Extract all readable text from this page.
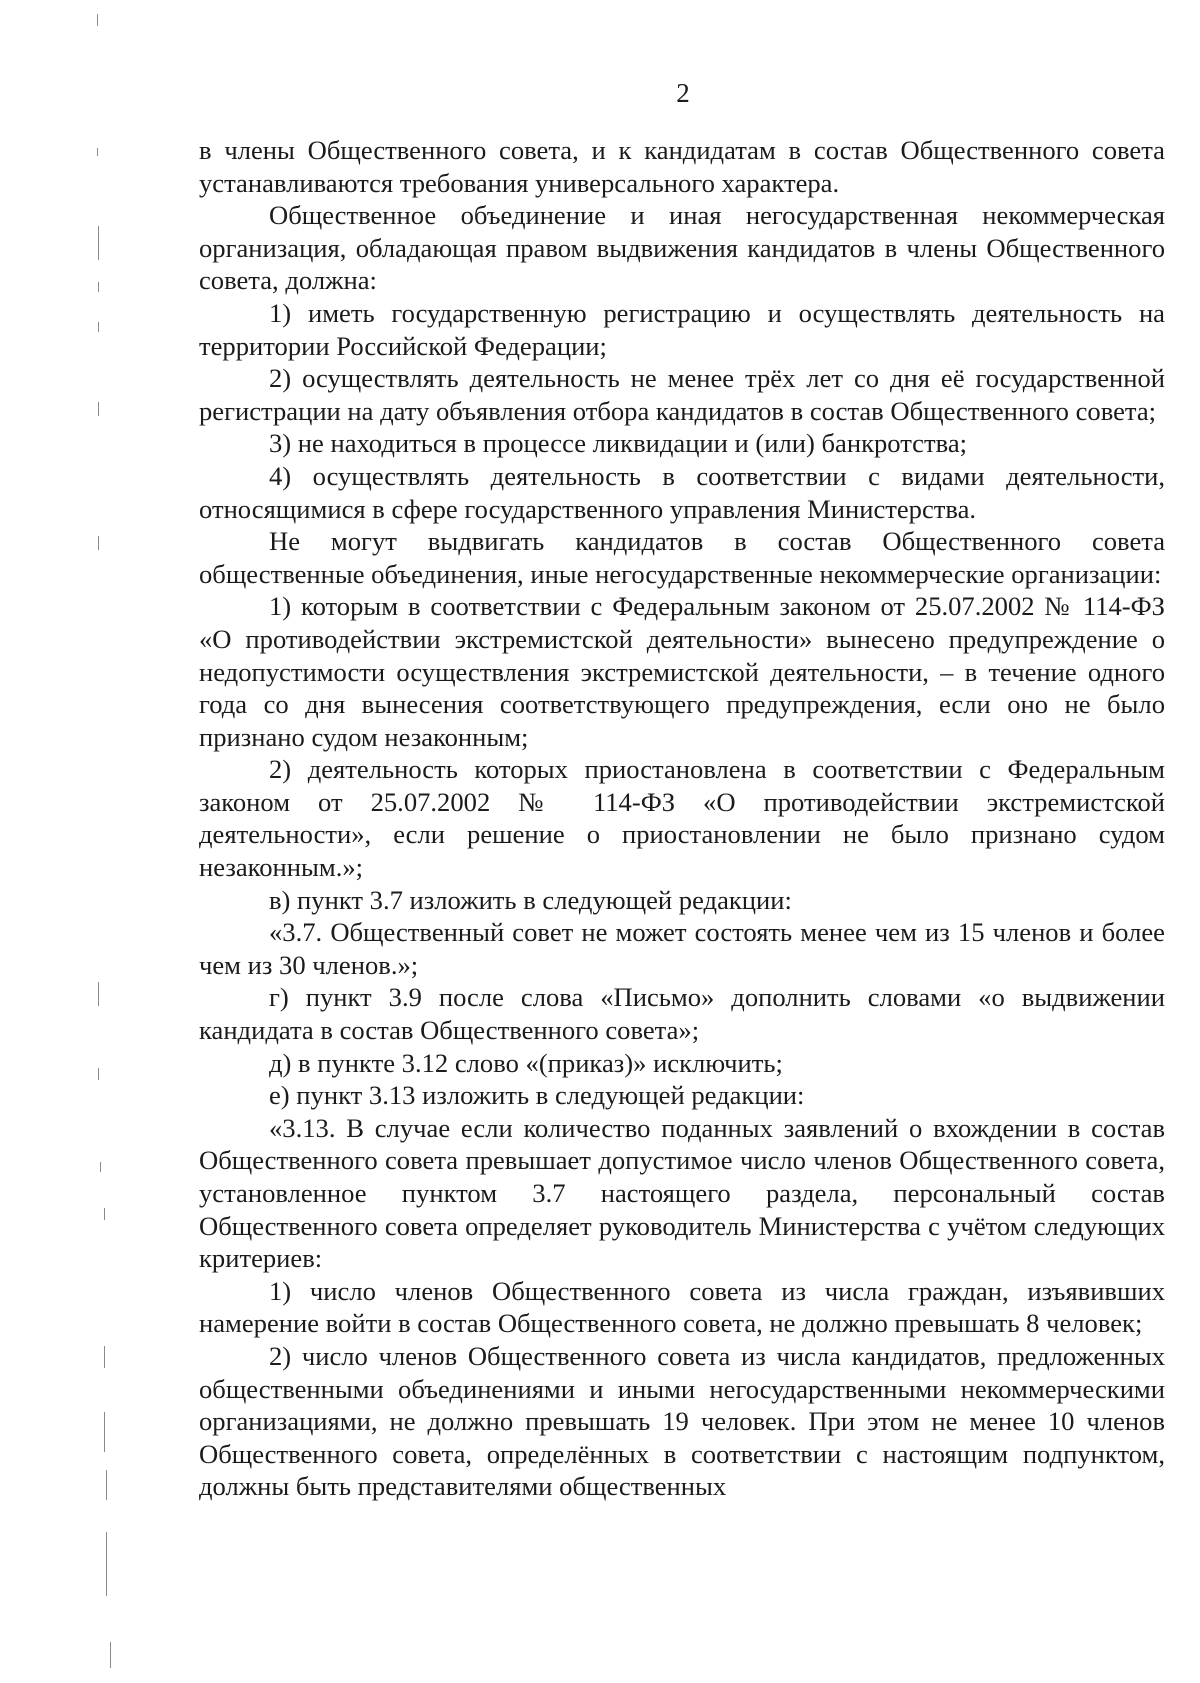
2

в члены Общественного совета, и к кандидатам в состав Общественного совета устанавливаются требования универсального характера.

Общественное объединение и иная негосударственная некоммерческая организация, обладающая правом выдвижения кандидатов в члены Общественного совета, должна:

1) иметь государственную регистрацию и осуществлять деятельность на территории Российской Федерации;

2) осуществлять деятельность не менее трёх лет со дня её государственной регистрации на дату объявления отбора кандидатов в состав Общественного совета;

3) не находиться в процессе ликвидации и (или) банкротства;

4) осуществлять деятельность в соответствии с видами деятельности, относящимися в сфере государственного управления Министерства.

Не могут выдвигать кандидатов в состав Общественного совета общественные объединения, иные негосударственные некоммерческие организации:

1) которым в соответствии с Федеральным законом от 25.07.2002 № 114-ФЗ «О противодействии экстремистской деятельности» вынесено предупреждение о недопустимости осуществления экстремистской деятельности, – в течение одного года со дня вынесения соответствующего предупреждения, если оно не было признано судом незаконным;

2) деятельность которых приостановлена в соответствии с Федеральным законом от 25.07.2002 № 114-ФЗ «О противодействии экстремистской деятельности», если решение о приостановлении не было признано судом незаконным.»;

в) пункт 3.7 изложить в следующей редакции:

«3.7. Общественный совет не может состоять менее чем из 15 членов и более чем из 30 членов.»;

г) пункт 3.9 после слова «Письмо» дополнить словами «о выдвижении кандидата в состав Общественного совета»;

д) в пункте 3.12 слово «(приказ)» исключить;

е) пункт 3.13 изложить в следующей редакции:

«3.13. В случае если количество поданных заявлений о вхождении в состав Общественного совета превышает допустимое число членов Общественного совета, установленное пунктом 3.7 настоящего раздела, персональный состав Общественного совета определяет руководитель Министерства с учётом следующих критериев:

1) число членов Общественного совета из числа граждан, изъявивших намерение войти в состав Общественного совета, не должно превышать 8 человек;

2) число членов Общественного совета из числа кандидатов, предложенных общественными объединениями и иными негосударственными некоммерческими организациями, не должно превышать 19 человек. При этом не менее 10 членов Общественного совета, определённых в соответствии с настоящим подпунктом, должны быть представителями общественных
